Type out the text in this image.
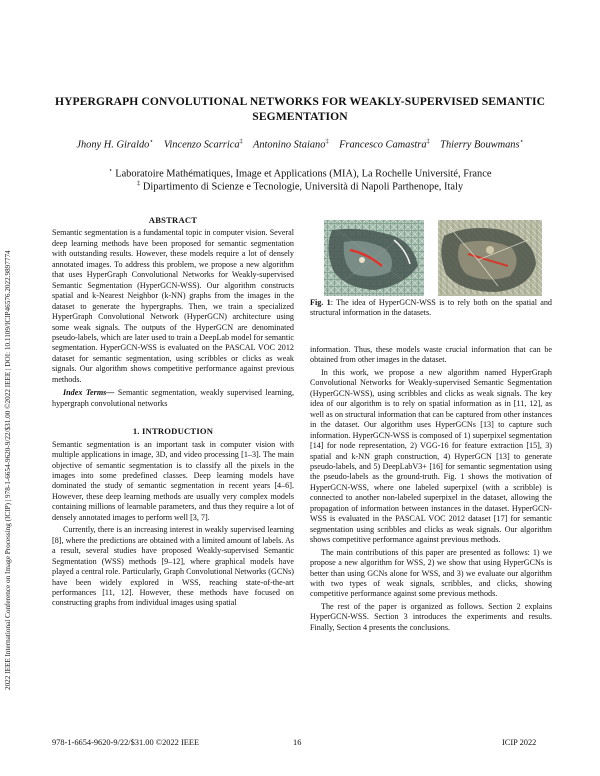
2022 IEEE International Conference on Image Processing (ICIP) | 978-1-6654-9620-9/22/$31.00 ©2022 IEEE | DOI: 10.1109/ICIP46576.2022.9897774
HYPERGRAPH CONVOLUTIONAL NETWORKS FOR WEAKLY-SUPERVISED SEMANTIC
SEGMENTATION
Jhony H. Giraldo⋆ Vincenzo Scarrica‡ Antonino Staiano‡ Francesco Camastra‡ Thierry Bouwmans⋆
⋆ Laboratoire Mathématiques, Image et Applications (MIA), La Rochelle Université, France
‡ Dipartimento di Scienze e Tecnologie, Università di Napoli Parthenope, Italy
ABSTRACT

Semantic segmentation is a fundamental topic in computer vision. Several deep learning methods have been proposed for semantic segmentation with outstanding results. However, these models require a lot of densely annotated images. To address this problem, we propose a new algorithm that uses HyperGraph Convolutional Networks for Weakly-supervised Semantic Segmentation (HyperGCN-WSS). Our algorithm constructs spatial and k-Nearest Neighbor (k-NN) graphs from the images in the dataset to generate the hypergraphs. Then, we train a specialized HyperGraph Convolutional Network (HyperGCN) architecture using some weak signals. The outputs of the HyperGCN are denominated pseudo-labels, which are later used to train a DeepLab model for semantic segmentation. HyperGCN-WSS is evaluated on the PASCAL VOC 2012 dataset for semantic segmentation, using scribbles or clicks as weak signals. Our algorithm shows competitive performance against previous methods.

Index Terms— Semantic segmentation, weakly supervised learning, hypergraph convolutional networks

1. INTRODUCTION

Semantic segmentation is an important task in computer vision with multiple applications in image, 3D, and video processing [1–3]. The main objective of semantic segmentation is to classify all the pixels in the images into some predefined classes. Deep learning models have dominated the study of semantic segmentation in recent years [4–6]. However, these deep learning methods are usually very complex models containing millions of learnable parameters, and thus they require a lot of densely annotated images to perform well [3, 7].

Currently, there is an increasing interest in weakly supervised learning [8], where the predictions are obtained with a limited amount of labels. As a result, several studies have proposed Weakly-supervised Semantic Segmentation (WSS) methods [9–12], where graphical models have played a central role. Particularly, Graph Convolutional Networks (GCNs) have been widely explored in WSS, reaching state-of-the-art performances [11, 12]. However, these methods have focused on constructing graphs from individual images using spatial

Fig. 1: The idea of HyperGCN-WSS is to rely both on the spatial and structural information in the datasets.

information. Thus, these models waste crucial information that can be obtained from other images in the dataset.

In this work, we propose a new algorithm named HyperGraph Convolutional Networks for Weakly-supervised Semantic Segmentation (HyperGCN-WSS), using scribbles and clicks as weak signals. The key idea of our algorithm is to rely on spatial information as in [11, 12], as well as on structural information that can be captured from other instances in the dataset. Our algorithm uses HyperGCNs [13] to capture such information. HyperGCN-WSS is composed of 1) superpixel segmentation [14] for node representation, 2) VGG-16 for feature extraction [15], 3) spatial and k-NN graph construction, 4) HyperGCN [13] to generate pseudo-labels, and 5) DeepLabV3+ [16] for semantic segmentation using the pseudo-labels as the ground-truth. Fig. 1 shows the motivation of HyperGCN-WSS, where one labeled superpixel (with a scribble) is connected to another non-labeled superpixel in the dataset, allowing the propagation of information between instances in the dataset. HyperGCN-WSS is evaluated in the PASCAL VOC 2012 dataset [17] for semantic segmentation using scribbles and clicks as weak signals. Our algorithm shows competitive performance against previous methods.

The main contributions of this paper are presented as follows: 1) we propose a new algorithm for WSS, 2) we show that using HyperGCNs is better than using GCNs alone for WSS, and 3) we evaluate our algorithm with two types of weak signals, scribbles, and clicks, showing competitive performance against some previous methods.

The rest of the paper is organized as follows. Section 2 explains HyperGCN-WSS. Section 3 introduces the experiments and results. Finally, Section 4 presents the conclusions.

978-1-6654-9620-9/22/$31.00 ©2022 IEEE	16	ICIP 2022
